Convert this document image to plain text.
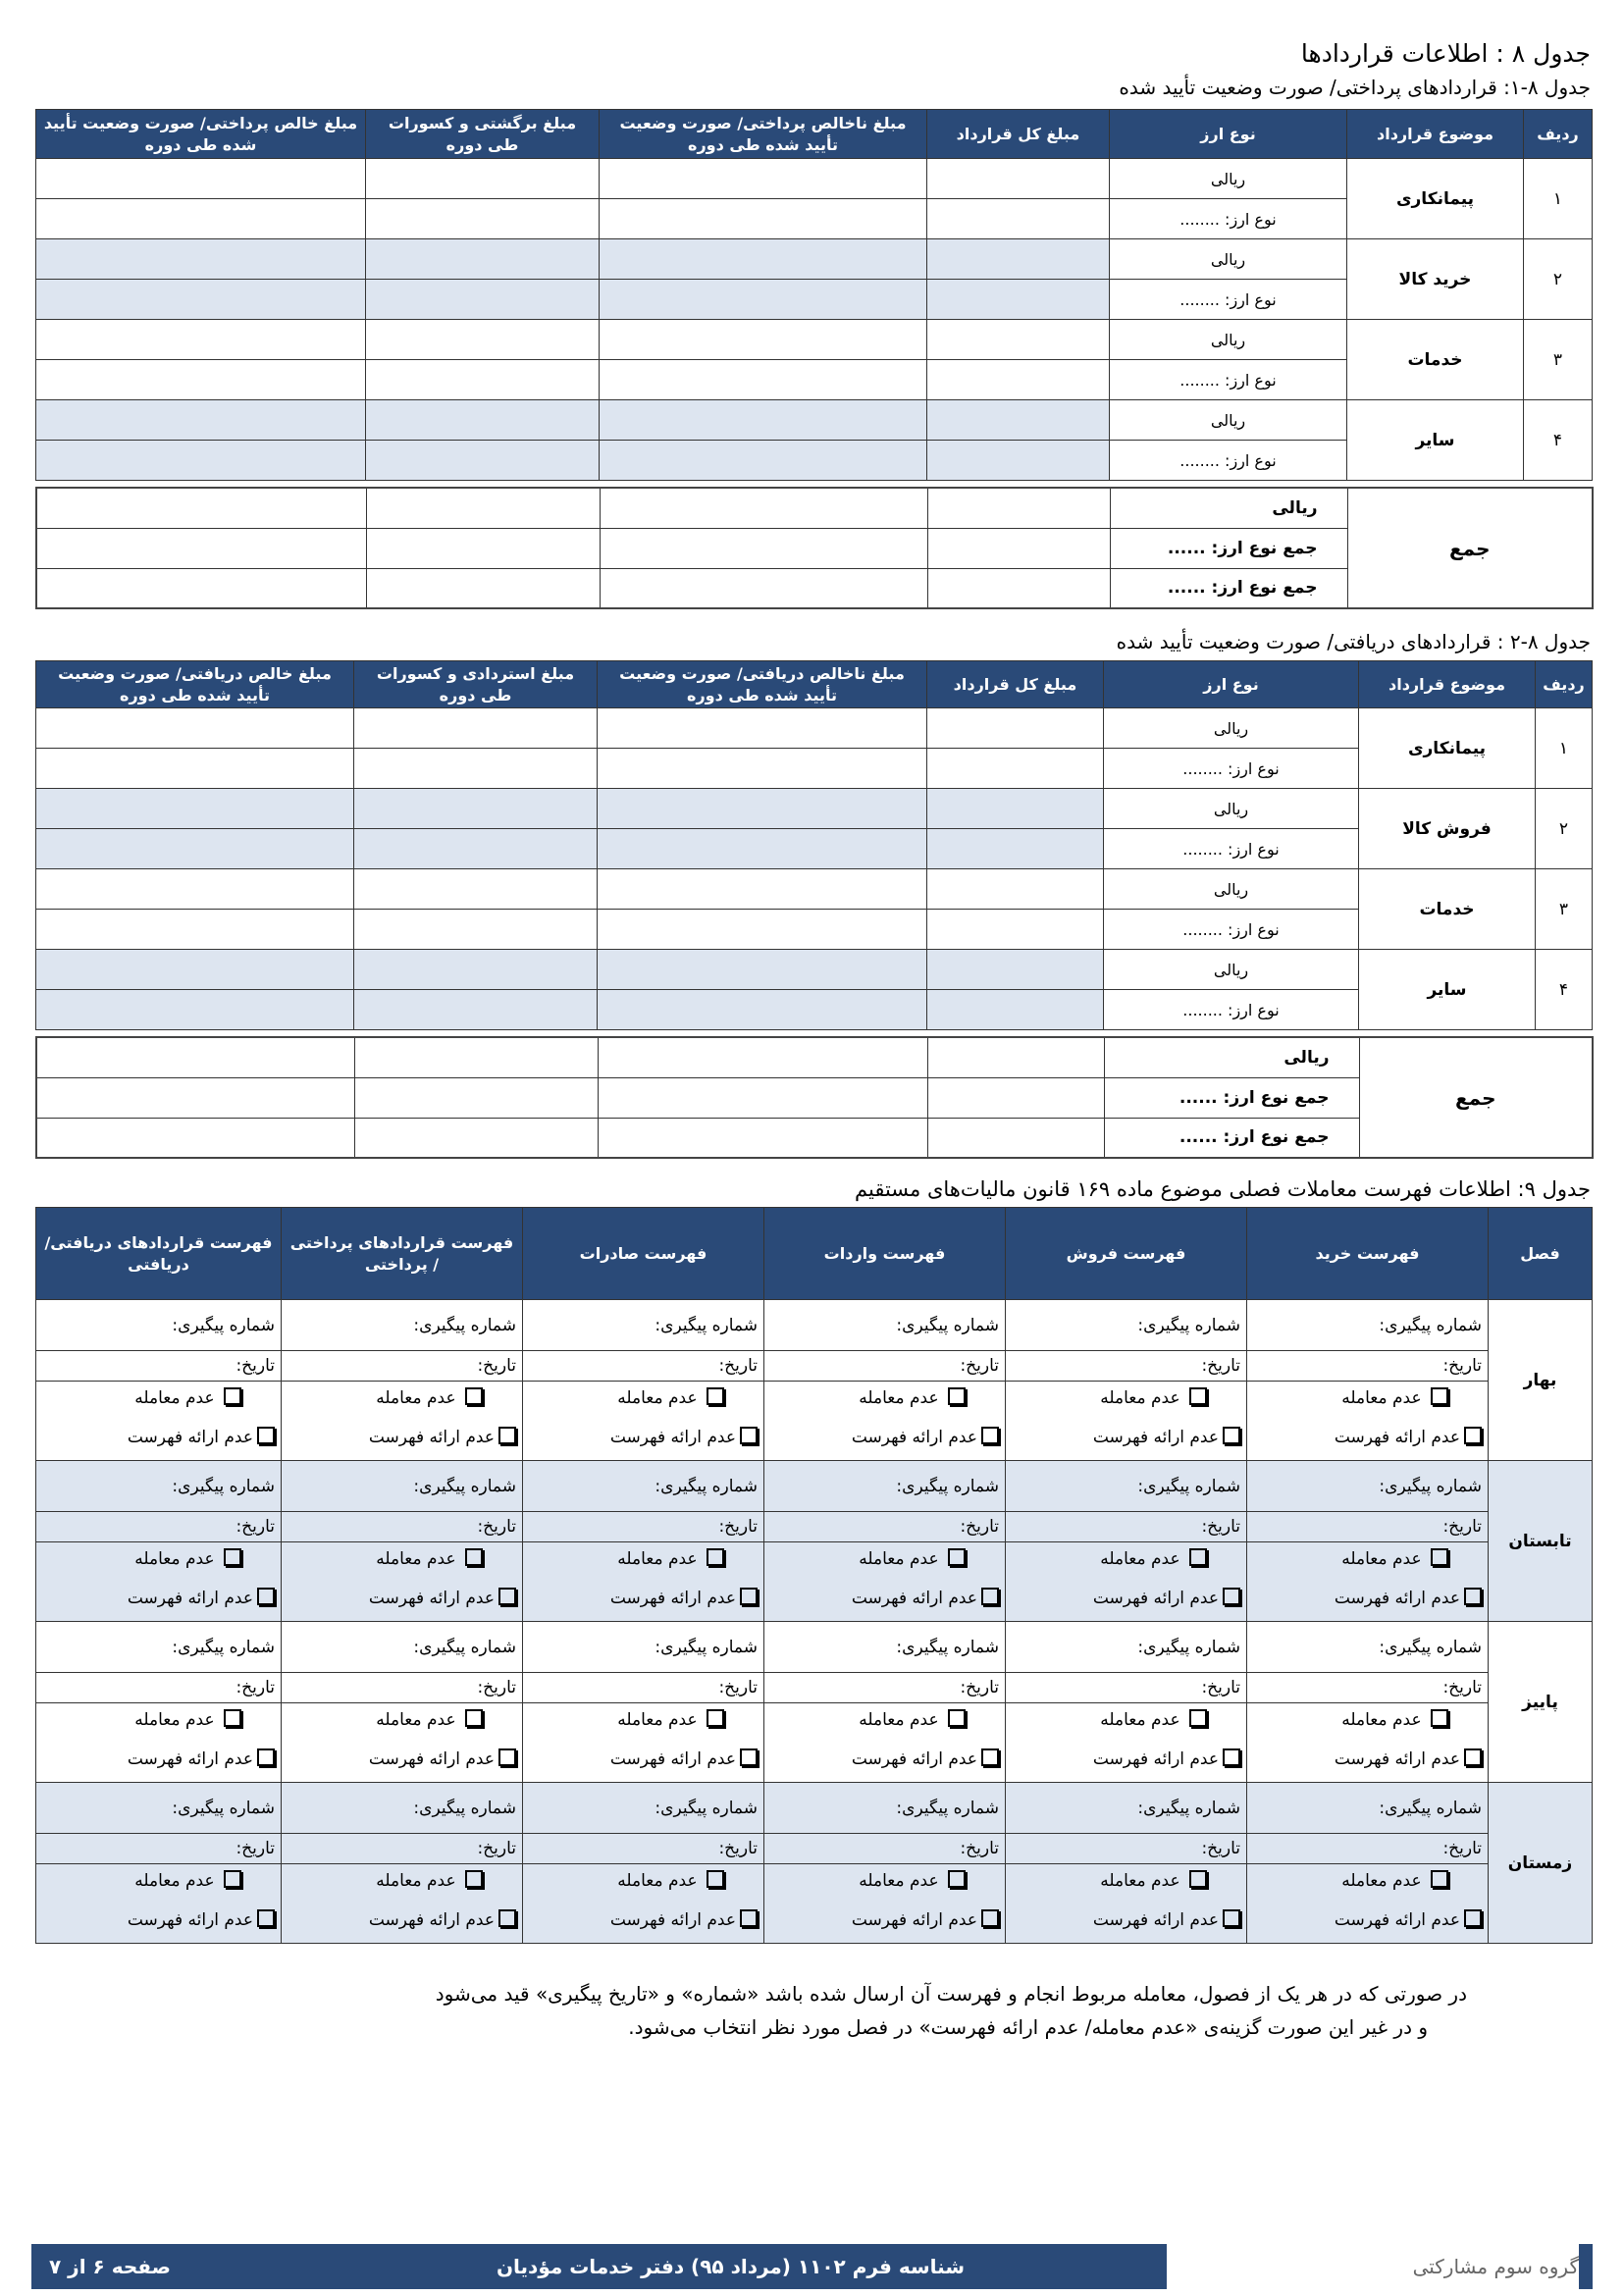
جدول ۸ : اطلاعات قراردادها
جدول ۸-۱: قراردادهای پرداختی/ صورت وضعیت تأیید شده
ردیف	موضوع قرارداد	نوع ارز	مبلغ کل قرارداد	مبلغ ناخالص پرداختی/ صورت وضعیت تأیید شده طی دوره	مبلغ برگشتی و کسورات طی دوره	مبلغ خالص پرداختی/ صورت وضعیت تأیید شده طی دوره
۱	پیمانکاری	ریالی				
		نوع ارز: ........				
۲	خرید کالا	ریالی				
		نوع ارز: ........				
۳	خدمات	ریالی				
		نوع ارز: ........				
۴	سایر	ریالی				
		نوع ارز: ........				
جمع	ریالی				
	جمع نوع ارز: ......				
	جمع نوع ارز: ......				
جدول ۸-۲ : قراردادهای دریافتی/ صورت وضعیت تأیید شده
ردیف	موضوع قرارداد	نوع ارز	مبلغ کل قرارداد	مبلغ ناخالص دریافتی/ صورت وضعیت تأیید شده طی دوره	مبلغ استردادی و کسورات طی دوره	مبلغ خالص دریافتی/ صورت وضعیت تأیید شده طی دوره
۱	پیمانکاری	ریالی				
		نوع ارز: ........				
۲	فروش کالا	ریالی				
		نوع ارز: ........				
۳	خدمات	ریالی				
		نوع ارز: ........				
۴	سایر	ریالی				
		نوع ارز: ........				
جمع	ریالی				
	جمع نوع ارز: ......				
	جمع نوع ارز: ......				
جدول ۹: اطلاعات فهرست معاملات فصلی موضوع ماده ۱۶۹ قانون مالیات‌های مستقیم
فصل	فهرست خرید	فهرست فروش	فهرست واردات	فهرست صادرات	فهرست قراردادهای پرداختی / پرداختی	فهرست قراردادهای دریافتی/ دریافتی
بهار	شماره پیگیری:	شماره پیگیری:	شماره پیگیری:	شماره پیگیری:	شماره پیگیری:	شماره پیگیری:
	تاریخ:	تاریخ:	تاریخ:	تاریخ:	تاریخ:	تاریخ:
	عدم معامله	عدم معامله	عدم معامله	عدم معامله	عدم معامله	عدم معامله
	عدم ارائه فهرست	عدم ارائه فهرست	عدم ارائه فهرست	عدم ارائه فهرست	عدم ارائه فهرست	عدم ارائه فهرست
تابستان	شماره پیگیری:	شماره پیگیری:	شماره پیگیری:	شماره پیگیری:	شماره پیگیری:	شماره پیگیری:
	تاریخ:	تاریخ:	تاریخ:	تاریخ:	تاریخ:	تاریخ:
	عدم معامله	عدم معامله	عدم معامله	عدم معامله	عدم معامله	عدم معامله
	عدم ارائه فهرست	عدم ارائه فهرست	عدم ارائه فهرست	عدم ارائه فهرست	عدم ارائه فهرست	عدم ارائه فهرست
پاییز	شماره پیگیری:	شماره پیگیری:	شماره پیگیری:	شماره پیگیری:	شماره پیگیری:	شماره پیگیری:
	تاریخ:	تاریخ:	تاریخ:	تاریخ:	تاریخ:	تاریخ:
	عدم معامله	عدم معامله	عدم معامله	عدم معامله	عدم معامله	عدم معامله
	عدم ارائه فهرست	عدم ارائه فهرست	عدم ارائه فهرست	عدم ارائه فهرست	عدم ارائه فهرست	عدم ارائه فهرست
زمستان	شماره پیگیری:	شماره پیگیری:	شماره پیگیری:	شماره پیگیری:	شماره پیگیری:	شماره پیگیری:
	تاریخ:	تاریخ:	تاریخ:	تاریخ:	تاریخ:	تاریخ:
	عدم معامله	عدم معامله	عدم معامله	عدم معامله	عدم معامله	عدم معامله
	عدم ارائه فهرست	عدم ارائه فهرست	عدم ارائه فهرست	عدم ارائه فهرست	عدم ارائه فهرست	عدم ارائه فهرست
در صورتی که در هر یک از فصول، معامله مربوط انجام و فهرست آن ارسال شده باشد «شماره» و «تاریخ پیگیری» قید می‌شود
و در غیر این صورت گزینه‌ی «عدم معامله/ عدم ارائه فهرست» در فصل مورد نظر انتخاب می‌شود.
گروه سوم مشارکتی
شناسه فرم ۱۱۰۲ (مرداد ۹۵) دفتر خدمات مؤدیان
صفحه ۶ از ۷
